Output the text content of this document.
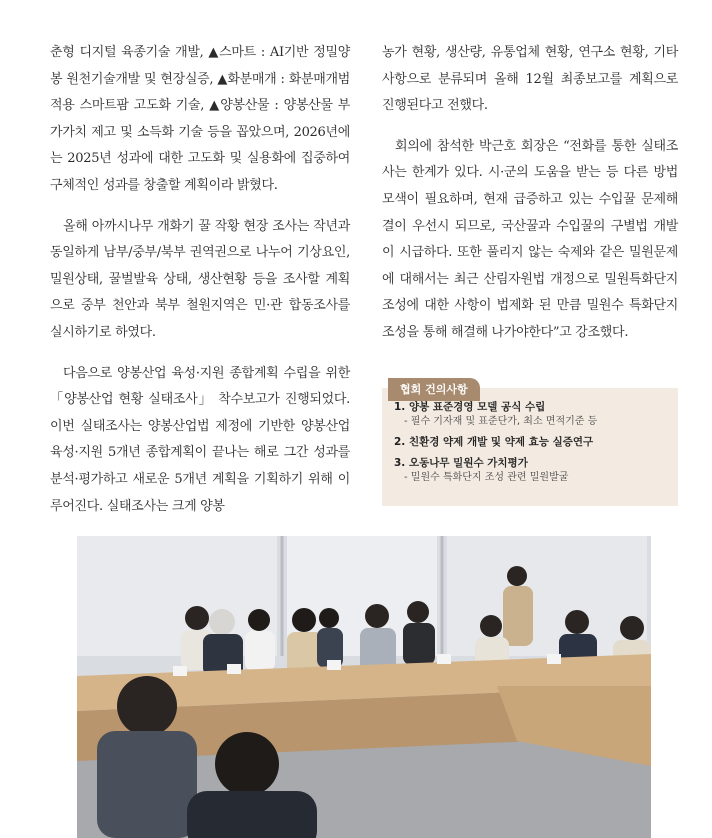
춘형 디지털 육종기술 개발, ▲스마트 : AI기반 정밀양봉 원천기술개발 및 현장실증, ▲화분매개 : 화분매개범 적용 스마트팜 고도화 기술, ▲양봉산물 : 양봉산물 부가가치 제고 및 소득화 기술 등을 꼽았으며, 2026년에는 2025년 성과에 대한 고도화 및 실용화에 집중하여 구체적인 성과를 창출할 계획이라 밝혔다.

올해 아까시나무 개화기 꿀 작황 현장 조사는 작년과 동일하게 남부/중부/북부 권역권으로 나누어 기상요인, 밀원상태, 꿀벌발육 상태, 생산현황 등을 조사할 계획으로 중부 천안과 북부 철원지역은 민·관 합동조사를 실시하기로 하였다.

다음으로 양봉산업 육성·지원 종합계획 수립을 위한 「양봉산업 현황 실태조사」 착수보고가 진행되었다. 이번 실태조사는 양봉산업법 제정에 기반한 양봉산업 육성·지원 5개년 종합계획이 끝나는 해로 그간 성과를 분석·평가하고 새로운 5개년 계획을 기획하기 위해 이루어진다. 실태조사는 크게 양봉

농가 현황, 생산량, 유통업체 현황, 연구소 현황, 기타사항으로 분류되며 올해 12월 최종보고를 계획으로 진행된다고 전했다.

회의에 참석한 박근호 회장은 “전화를 통한 실태조사는 한계가 있다. 시·군의 도움을 받는 등 다른 방법 모색이 필요하며, 현재 급증하고 있는 수입꿀 문제해결이 우선시 되므로, 국산꿀과 수입꿀의 구별법 개발이 시급하다. 또한 풀리지 않는 숙제와 같은 밀원문제에 대해서는 최근 산림자원법 개정으로 밀원특화단지 조성에 대한 사항이 법제화 된 만큼 밀원수 특화단지 조성을 통해 해결해 나가야한다”고 강조했다.

협회 건의사항
1. 양봉 표준경영 모델 공식 수립
- 필수 기자재 및 표준단가, 최소 면적기준 등
2. 친환경 약제 개발 및 약제 효능 실증연구
3. 오동나무 밀원수 가치평가
- 밀원수 특화단지 조성 관련 밀원발굴
